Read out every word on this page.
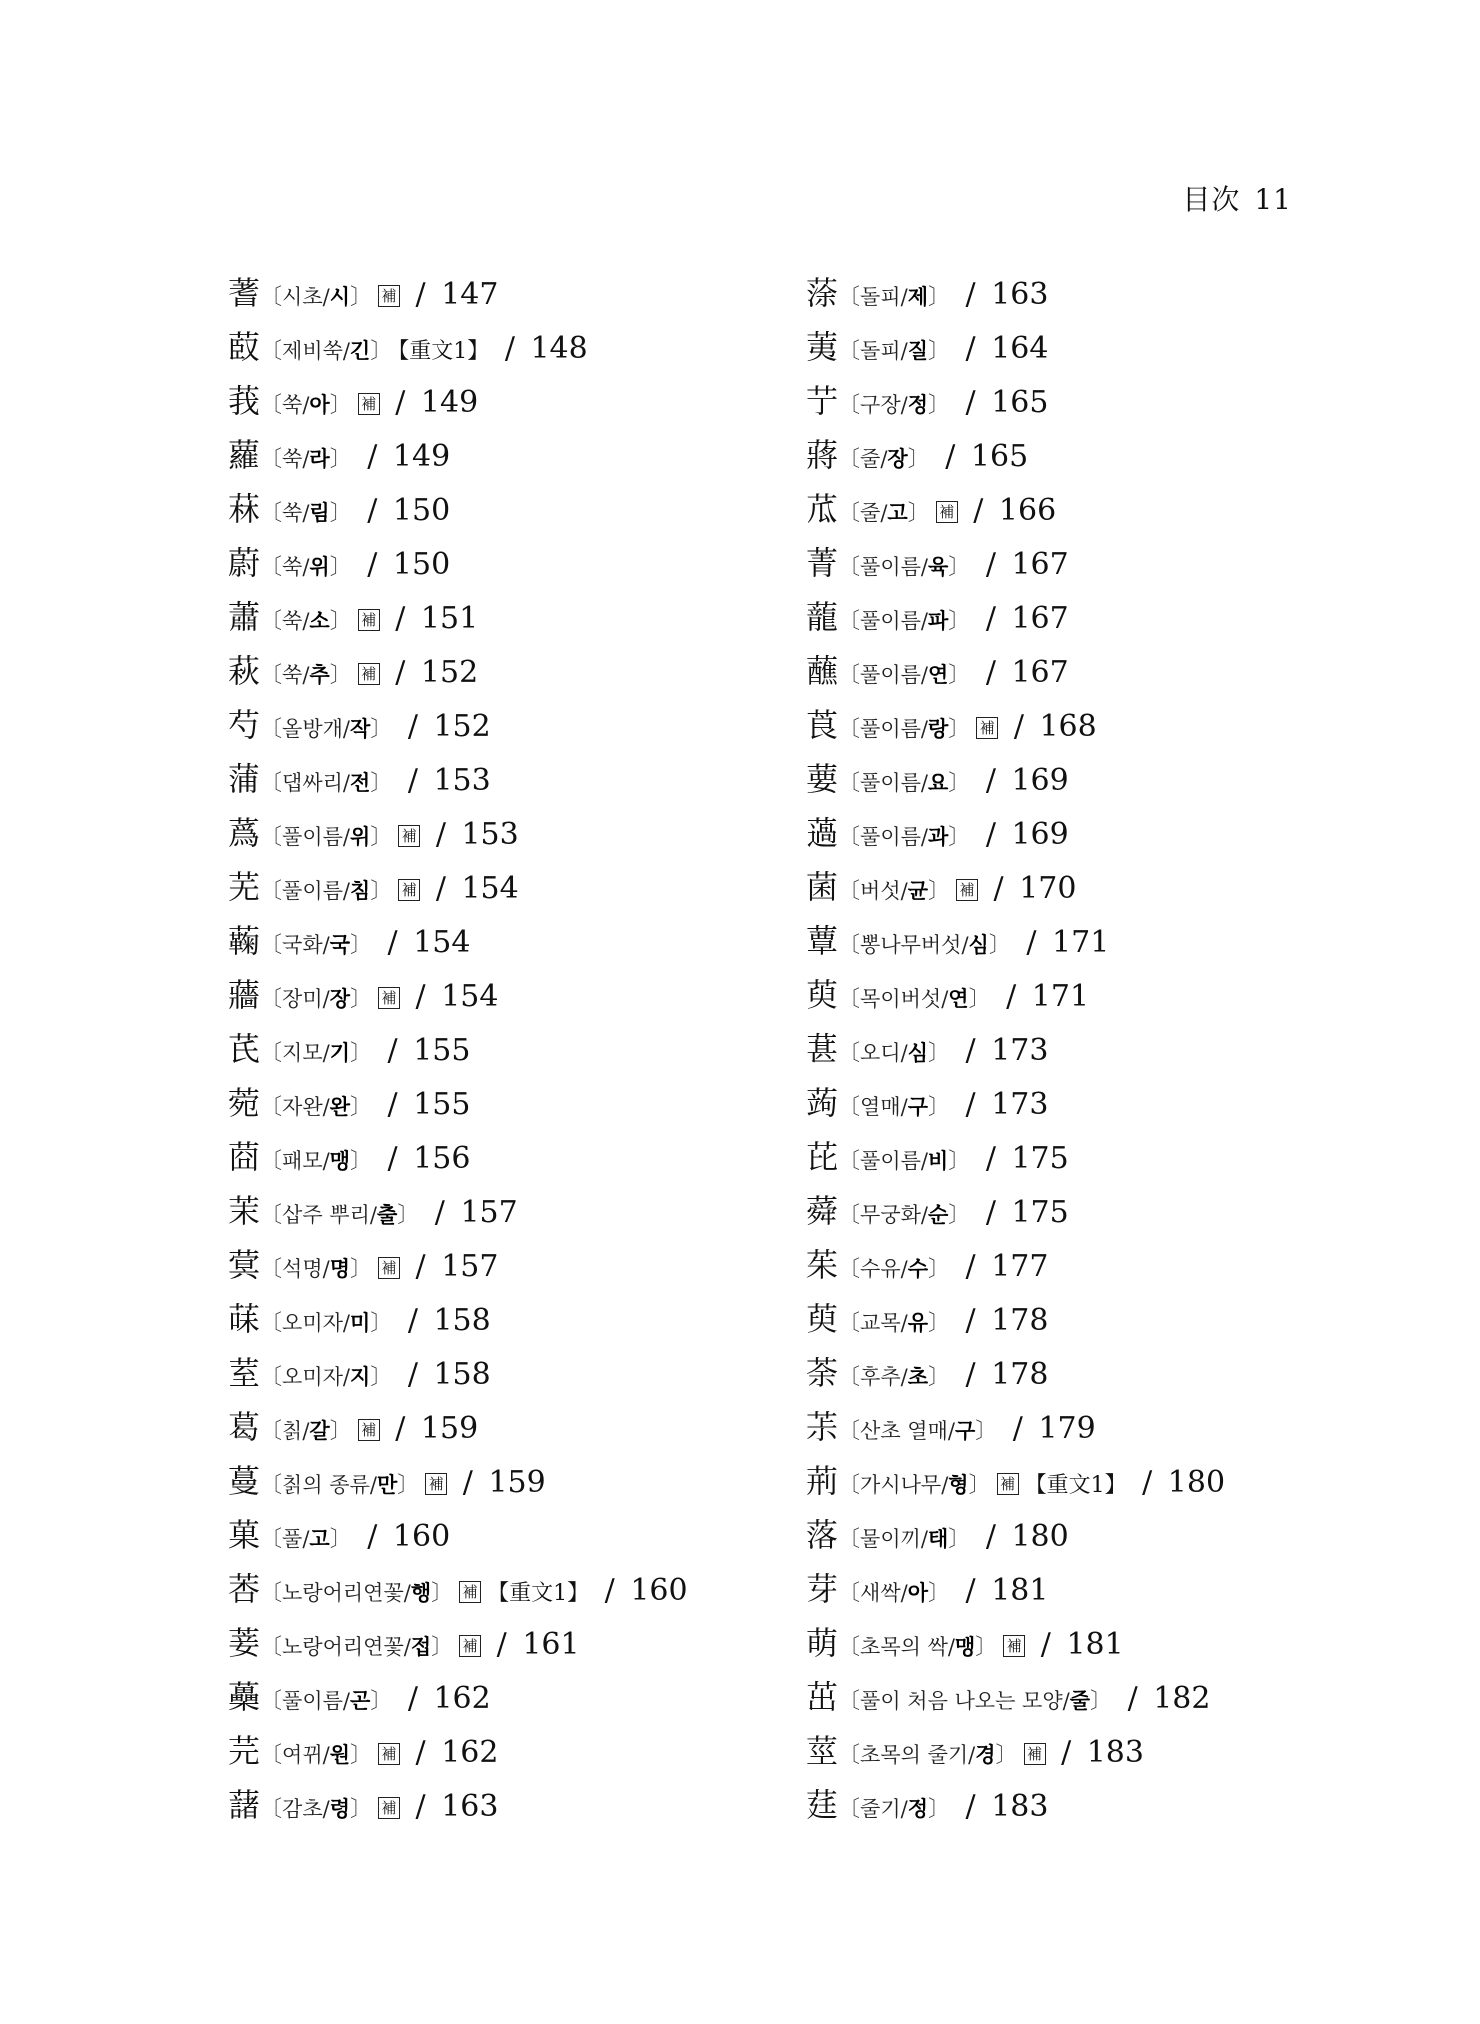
目次 11
蓍〔시초/시〕 補 / 147
菣〔제비쑥/긴〕 【重文1】 / 148
莪〔쑥/아〕 補 / 149
蘿〔쑥/라〕 / 149
菻〔쑥/림〕 / 150
蔚〔쑥/위〕 / 150
蕭〔쑥/소〕 補 / 151
萩〔쑥/추〕 補 / 152
芍〔올방개/작〕 / 152
蒲〔댑싸리/전〕 / 153
蔿〔풀이름/위〕 補 / 153
芜〔풀이름/침〕 補 / 154
蘜〔국화/국〕 / 154
蘠〔장미/장〕 補 / 154
芪〔지모/기〕 / 155
菀〔자완/완〕 / 155
莔〔패모/맹〕 / 156
茉〔삽주 뿌리/출〕 / 157
蓂〔석명/명〕 補 / 157
菋〔오미자/미〕 / 158
荎〔오미자/지〕 / 158
葛〔칡/갈〕 補 / 159
蔓〔칡의 종류/만〕 補 / 159
菓〔풀/고〕 / 160
莕〔노랑어리연꽃/행〕 補 【重文1】 / 160
菨〔노랑어리연꽃/접〕 補 / 161
蘽〔풀이름/곤〕 / 162
芫〔여뀌/원〕 補 / 162
藷〔감초/령〕 補 / 163
蒤〔돌피/제〕 / 163
荑〔돌피/질〕 / 164
艼〔구장/정〕 / 165
蔣〔줄/장〕 / 165
苽〔줄/고〕 補 / 166
菁〔풀이름/육〕 / 167
蘢〔풀이름/파〕 / 167
蘸〔풀이름/연〕 / 167
莨〔풀이름/랑〕 補 / 168
葽〔풀이름/요〕 / 169
薖〔풀이름/과〕 / 169
菌〔버섯/균〕 補 / 170
蕈〔뽕나무버섯/심〕 / 171
萸〔목이버섯/연〕 / 171
葚〔오디/심〕 / 173
蒟〔열매/구〕 / 173
芘〔풀이름/비〕 / 175
蕣〔무궁화/순〕 / 175
茱〔수유/수〕 / 177
萸〔교목/유〕 / 178
荼〔후추/초〕 / 178
茮〔산초 열매/구〕 / 179
荊〔가시나무/형〕 補 【重文1】 / 180
落〔물이끼/태〕 / 180
芽〔새싹/아〕 / 181
萌〔초목의 싹/맹〕 補 / 181
茁〔풀이 처음 나오는 모양/줄〕 / 182
莖〔초목의 줄기/경〕 補 / 183
莛〔줄기/정〕 / 183
